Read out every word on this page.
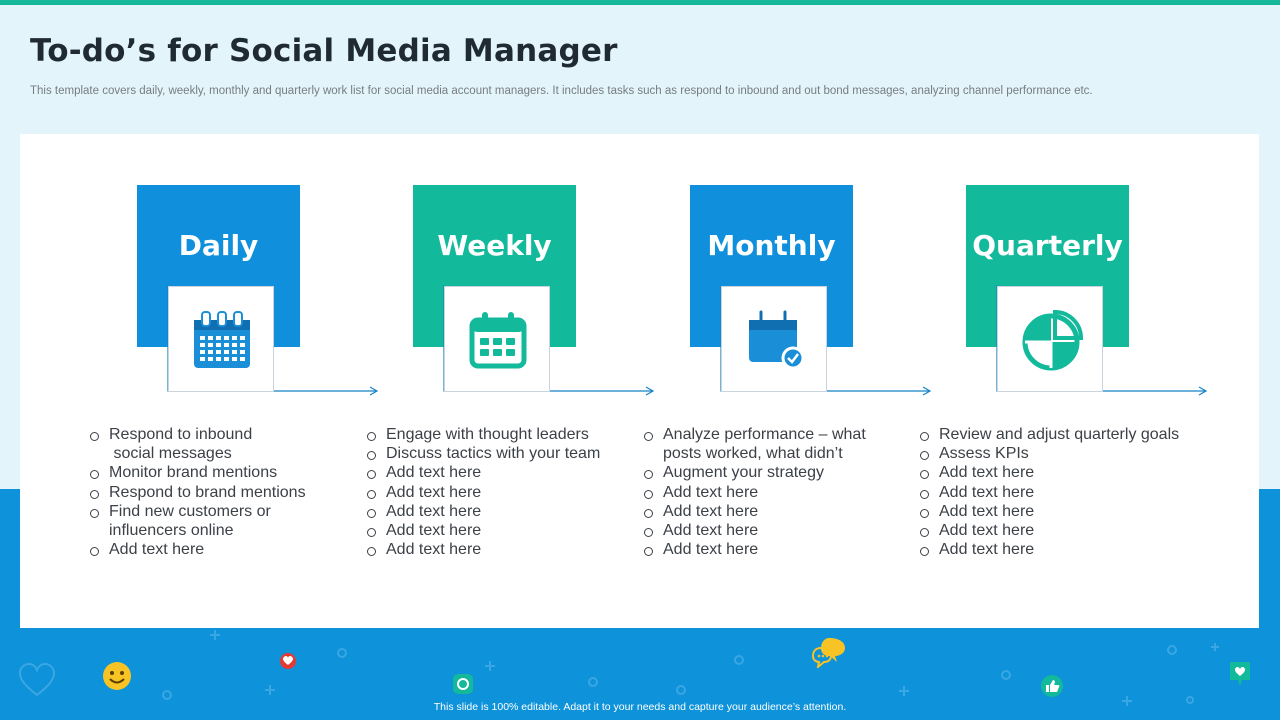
To-do’s for Social Media Manager
This template covers daily, weekly, monthly and quarterly work list for social media account managers. It includes tasks such as respond to inbound and out bond messages, analyzing channel performance etc.
Daily
Respond to inbound
social messages
Monitor brand mentions
Respond to brand mentions
Find new customers or influencers online
Add text here
Weekly
Engage with thought leaders
Discuss tactics with your team
Add text here
Add text here
Add text here
Add text here
Add text here
Monthly
Analyze performance – what posts worked, what didn’t
Augment your strategy
Add text here
Add text here
Add text here
Add text here
Quarterly
Review and adjust quarterly goals
Assess KPIs
Add text here
Add text here
Add text here
Add text here
Add text here
This slide is 100% editable. Adapt it to your needs and capture your audience’s attention.
